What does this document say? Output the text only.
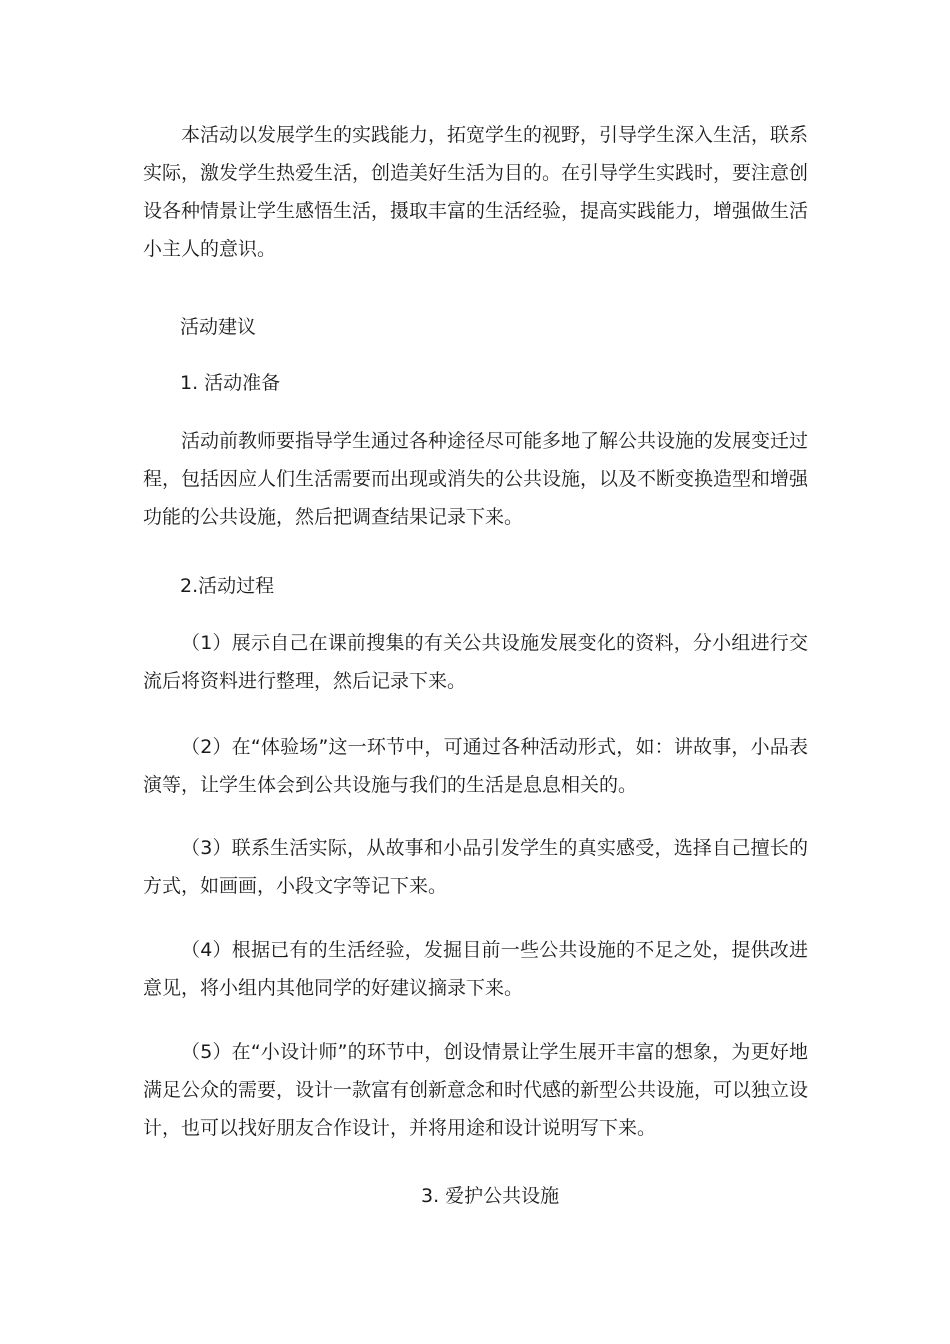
本活动以发展学生的实践能力，拓宽学生的视野，引导学生深入生活，联系实际，激发学生热爱生活，创造美好生活为目的。在引导学生实践时，要注意创设各种情景让学生感悟生活，摄取丰富的生活经验，提高实践能力，增强做生活小主人的意识。

活动建议

1. 活动准备

活动前教师要指导学生通过各种途径尽可能多地了解公共设施的发展变迁过程，包括因应人们生活需要而出现或消失的公共设施，以及不断变换造型和增强功能的公共设施，然后把调查结果记录下来。

2.活动过程

（1）展示自己在课前搜集的有关公共设施发展变化的资料，分小组进行交流后将资料进行整理，然后记录下来。

（2）在“体验场”这一环节中，可通过各种活动形式，如：讲故事，小品表演等，让学生体会到公共设施与我们的生活是息息相关的。

（3）联系生活实际，从故事和小品引发学生的真实感受，选择自己擅长的方式，如画画，小段文字等记下来。

（4）根据已有的生活经验，发掘目前一些公共设施的不足之处，提供改进意见，将小组内其他同学的好建议摘录下来。

（5）在“小设计师”的环节中，创设情景让学生展开丰富的想象，为更好地满足公众的需要，设计一款富有创新意念和时代感的新型公共设施，可以独立设计，也可以找好朋友合作设计，并将用途和设计说明写下来。

3. 爱护公共设施
